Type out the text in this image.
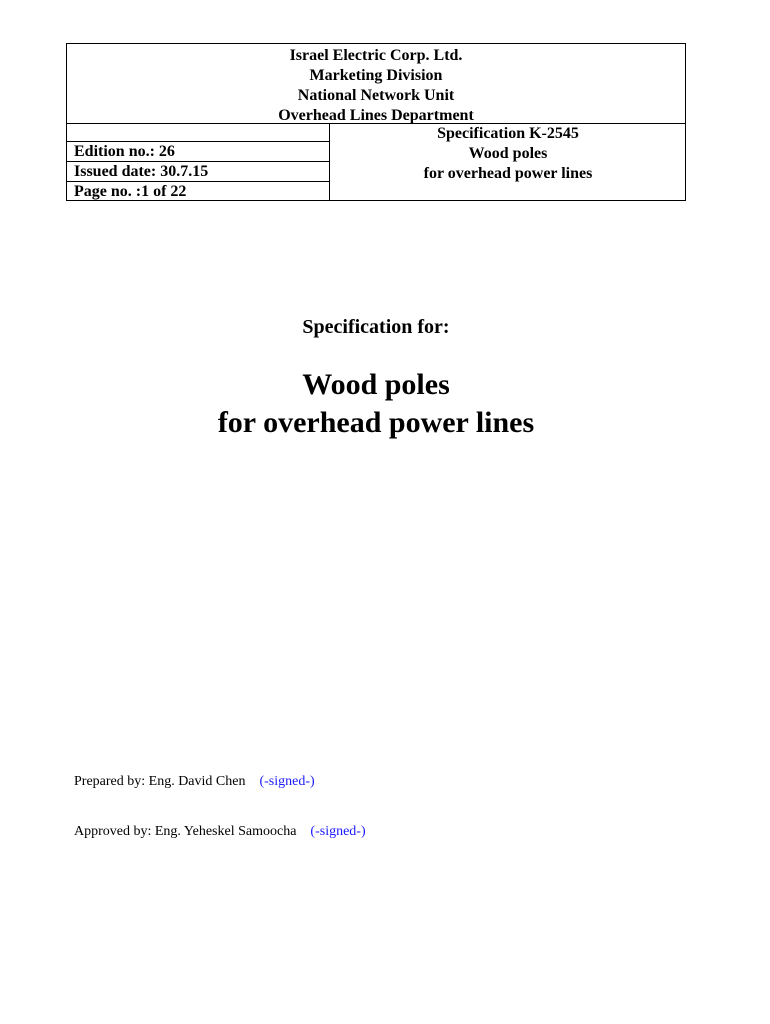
Israel Electric Corp. Ltd.
Marketing Division
National Network Unit
Overhead Lines Department
Edition no.: 26
Issued date: 30.7.15
Page no. :1 of 22
Specification K-2545
Wood poles
for overhead power lines
Specification for:
Wood poles
for overhead power lines
Prepared by: Eng. David Chen (-signed-)
Approved by: Eng. Yeheskel Samoocha (-signed-)
